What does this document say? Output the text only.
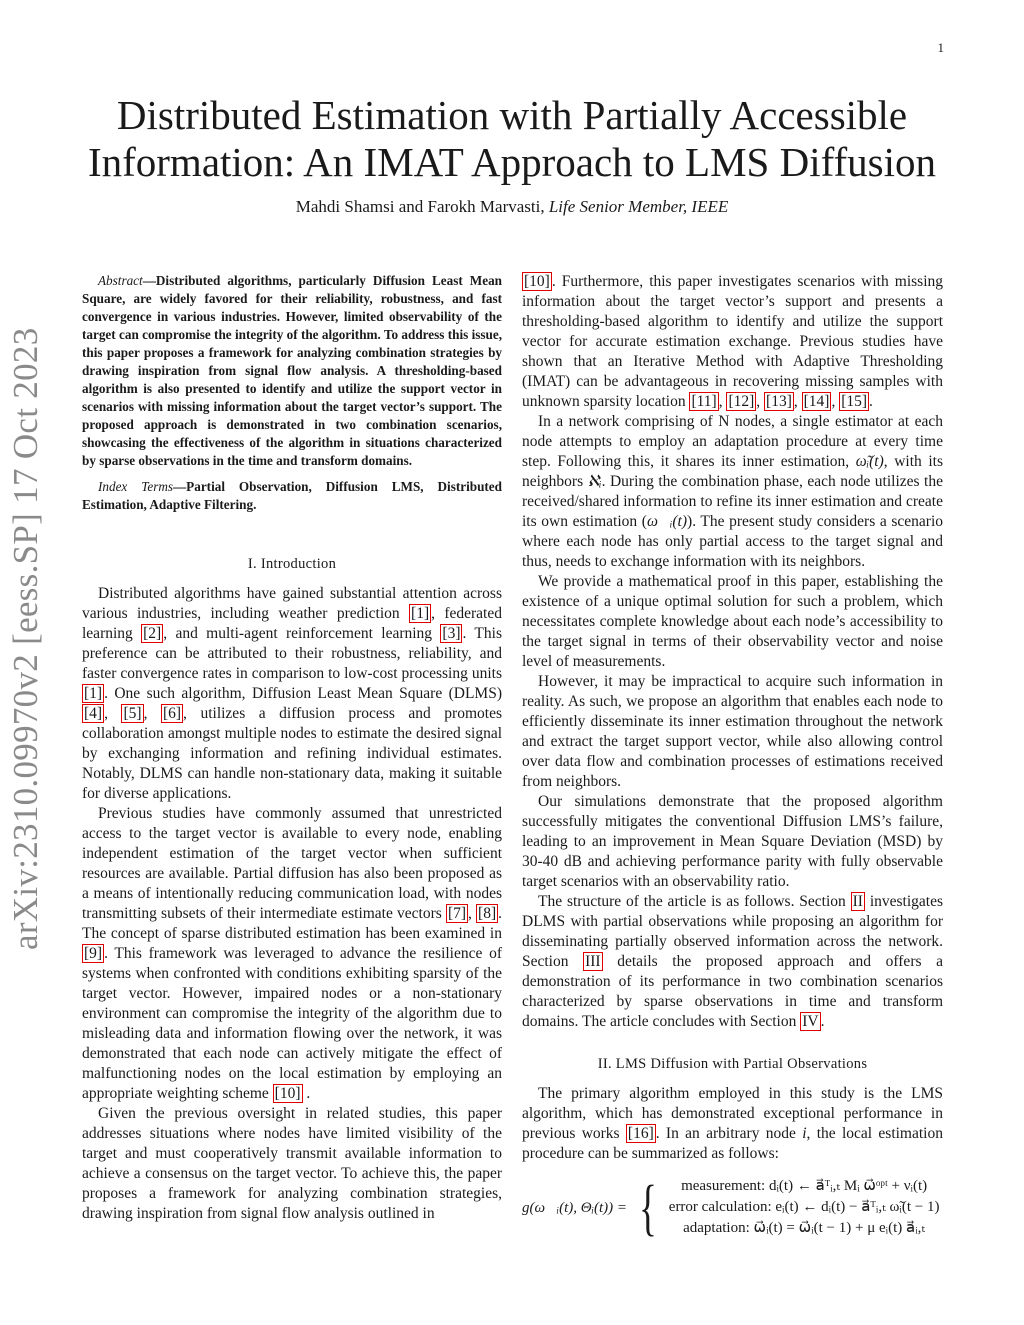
1
arXiv:2310.09970v2 [eess.SP] 17 Oct 2023
Distributed Estimation with Partially Accessible
Information: An IMAT Approach to LMS Diffusion
Mahdi Shamsi and Farokh Marvasti, Life Senior Member, IEEE

Abstract—Distributed algorithms, particularly Diffusion Least Mean Square, are widely favored for their reliability, robustness, and fast convergence in various industries. However, limited observability of the target can compromise the integrity of the algorithm. To address this issue, this paper proposes a framework for analyzing combination strategies by drawing inspiration from signal flow analysis. A thresholding-based algorithm is also presented to identify and utilize the support vector in scenarios with missing information about the target vector’s support. The proposed approach is demonstrated in two combination scenarios, showcasing the effectiveness of the algorithm in situations characterized by sparse observations in the time and transform domains.

Index Terms—Partial Observation, Diffusion LMS, Distributed Estimation, Adaptive Filtering.

I. Introduction

Distributed algorithms have gained substantial attention across various industries, including weather prediction [1] , federated learning [2] , and multi-agent reinforcement learning [3] . This preference can be attributed to their robustness, reliability, and faster convergence rates in comparison to low-cost processing units [1] . One such algorithm, Diffusion Least Mean Square (DLMS) [4] , [5] , [6] , utilizes a diffusion process and promotes collaboration amongst multiple nodes to estimate the desired signal by exchanging information and refining individual estimates. Notably, DLMS can handle non-stationary data, making it suitable for diverse applications.

Previous studies have commonly assumed that unrestricted access to the target vector is available to every node, enabling independent estimation of the target vector when sufficient resources are available. Partial diffusion has also been proposed as a means of intentionally reducing communication load, with nodes transmitting subsets of their intermediate estimate vectors [7] , [8] . The concept of sparse distributed estimation has been examined in [9] . This framework was leveraged to advance the resilience of systems when confronted with conditions exhibiting sparsity of the target vector. However, impaired nodes or a non-stationary environment can compromise the integrity of the algorithm due to misleading data and information flowing over the network, it was demonstrated that each node can actively mitigate the effect of malfunctioning nodes on the local estimation by employing an appropriate weighting scheme [10] .

Given the previous oversight in related studies, this paper addresses situations where nodes have limited visibility of the target and must cooperatively transmit available information to achieve a consensus on the target vector. To achieve this, the paper proposes a framework for analyzing combination strategies, drawing inspiration from signal flow analysis outlined in

[10] . Furthermore, this paper investigates scenarios with missing information about the target vector’s support and presents a thresholding-based algorithm to identify and utilize the support vector for accurate estimation exchange. Previous studies have shown that an Iterative Method with Adaptive Thresholding (IMAT) can be advantageous in recovering missing samples with unknown sparsity location [11] , [12] , [13] , [14] , [15] .

In a network comprising of N nodes, a single estimator at each node attempts to employ an adaptation procedure at every time step. Following this, it shares its inner estimation, ω̃ᵢ(t), with its neighbors ℵᵢ. During the combination phase, each node utilizes the received/shared information to refine its inner estimation and create its own estimation (ω⃗ᵢ(t)). The present study considers a scenario where each node has only partial access to the target signal and thus, needs to exchange information with its neighbors.

We provide a mathematical proof in this paper, establishing the existence of a unique optimal solution for such a problem, which necessitates complete knowledge about each node’s accessibility to the target signal in terms of their observability vector and noise level of measurements.

However, it may be impractical to acquire such information in reality. As such, we propose an algorithm that enables each node to efficiently disseminate its inner estimation throughout the network and extract the target support vector, while also allowing control over data flow and combination processes of estimations received from neighbors.

Our simulations demonstrate that the proposed algorithm successfully mitigates the conventional Diffusion LMS’s failure, leading to an improvement in Mean Square Deviation (MSD) by 30-40 dB and achieving performance parity with fully observable target scenarios with an observability ratio.

The structure of the article is as follows. Section II investigates DLMS with partial observations while proposing an algorithm for disseminating partially observed information across the network. Section III details the proposed approach and offers a demonstration of its performance in two combination scenarios characterized by sparse observations in time and transform domains. The article concludes with Section IV .

II. LMS Diffusion with Partial Observations

The primary algorithm employed in this study is the LMS algorithm, which has demonstrated exceptional performance in previous works [16] . In an arbitrary node i, the local estimation procedure can be summarized as follows:

g(ω⃗ᵢ(t), Θᵢ(t)) = {	measurement: dᵢ(t) ← a⃗ᵀᵢ,ₜ Mᵢ ω⃗ᵒᵖᵗ + νᵢ(t)
error calculation: eᵢ(t) ← dᵢ(t) − a⃗ᵀᵢ,ₜ ω̃ᵢ(t − 1)
adaptation: ω⃗ᵢ(t) = ω⃗ᵢ(t − 1) + μ eᵢ(t) a⃗ᵢ,ₜ
